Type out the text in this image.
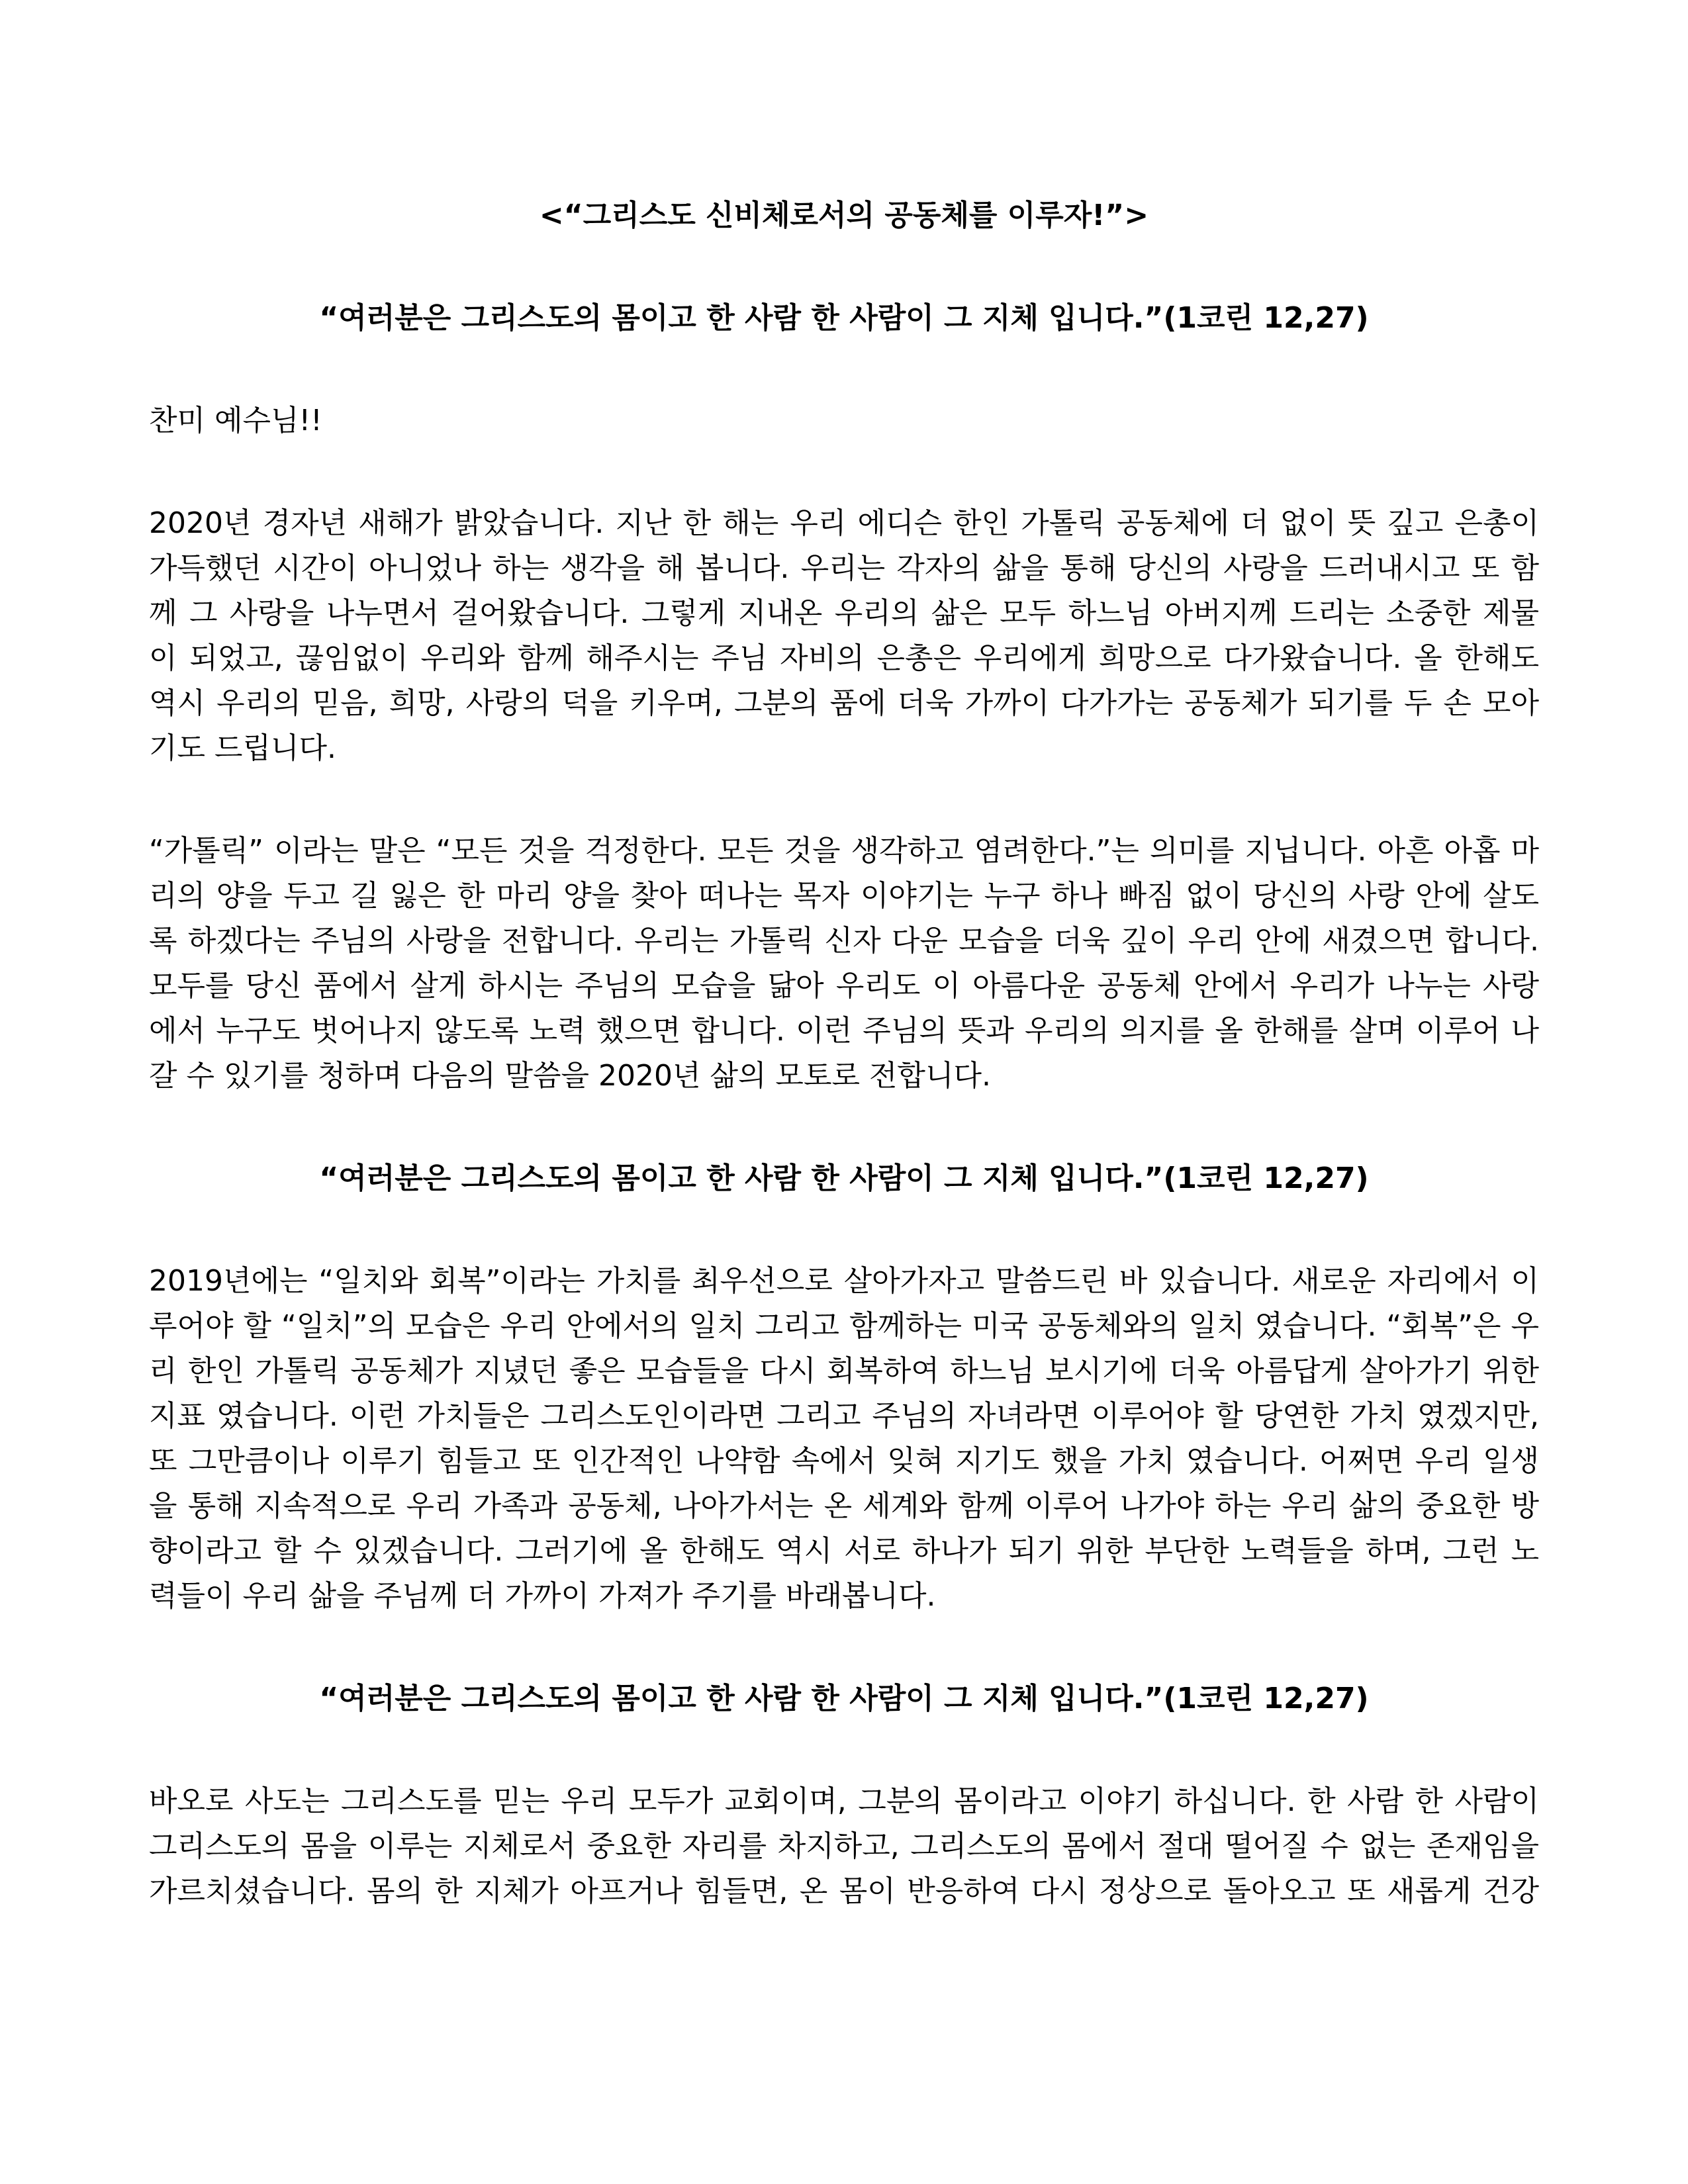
<“그리스도 신비체로서의 공동체를 이루자!”>
“여러분은 그리스도의 몸이고 한 사람 한 사람이 그 지체 입니다.”(1코린 12,27)

찬미 예수님!!

2020년 경자년 새해가 밝았습니다. 지난 한 해는 우리 에디슨 한인 가톨릭 공동체에 더 없이 뜻 깊고 은총이

가득했던 시간이 아니었나 하는 생각을 해 봅니다. 우리는 각자의 삶을 통해 당신의 사랑을 드러내시고 또 함

께 그 사랑을 나누면서 걸어왔습니다. 그렇게 지내온 우리의 삶은 모두 하느님 아버지께 드리는 소중한 제물

이 되었고, 끊임없이 우리와 함께 해주시는 주님 자비의 은총은 우리에게 희망으로 다가왔습니다. 올 한해도

역시 우리의 믿음, 희망, 사랑의 덕을 키우며, 그분의 품에 더욱 가까이 다가가는 공동체가 되기를 두 손 모아

기도 드립니다.

“가톨릭” 이라는 말은 “모든 것을 걱정한다. 모든 것을 생각하고 염려한다.”는 의미를 지닙니다. 아흔 아홉 마

리의 양을 두고 길 잃은 한 마리 양을 찾아 떠나는 목자 이야기는 누구 하나 빠짐 없이 당신의 사랑 안에 살도

록 하겠다는 주님의 사랑을 전합니다. 우리는 가톨릭 신자 다운 모습을 더욱 깊이 우리 안에 새겼으면 합니다.

모두를 당신 품에서 살게 하시는 주님의 모습을 닮아 우리도 이 아름다운 공동체 안에서 우리가 나누는 사랑

에서 누구도 벗어나지 않도록 노력 했으면 합니다. 이런 주님의 뜻과 우리의 의지를 올 한해를 살며 이루어 나

갈 수 있기를 청하며 다음의 말씀을 2020년 삶의 모토로 전합니다.

“여러분은 그리스도의 몸이고 한 사람 한 사람이 그 지체 입니다.”(1코린 12,27)

2019년에는 “일치와 회복”이라는 가치를 최우선으로 살아가자고 말씀드린 바 있습니다. 새로운 자리에서 이

루어야 할 “일치”의 모습은 우리 안에서의 일치 그리고 함께하는 미국 공동체와의 일치 였습니다. “회복”은 우

리 한인 가톨릭 공동체가 지녔던 좋은 모습들을 다시 회복하여 하느님 보시기에 더욱 아름답게 살아가기 위한

지표 였습니다. 이런 가치들은 그리스도인이라면 그리고 주님의 자녀라면 이루어야 할 당연한 가치 였겠지만,

또 그만큼이나 이루기 힘들고 또 인간적인 나약함 속에서 잊혀 지기도 했을 가치 였습니다. 어쩌면 우리 일생

을 통해 지속적으로 우리 가족과 공동체, 나아가서는 온 세계와 함께 이루어 나가야 하는 우리 삶의 중요한 방

향이라고 할 수 있겠습니다. 그러기에 올 한해도 역시 서로 하나가 되기 위한 부단한 노력들을 하며, 그런 노

력들이 우리 삶을 주님께 더 가까이 가져가 주기를 바래봅니다.

“여러분은 그리스도의 몸이고 한 사람 한 사람이 그 지체 입니다.”(1코린 12,27)

바오로 사도는 그리스도를 믿는 우리 모두가 교회이며, 그분의 몸이라고 이야기 하십니다. 한 사람 한 사람이

그리스도의 몸을 이루는 지체로서 중요한 자리를 차지하고, 그리스도의 몸에서 절대 떨어질 수 없는 존재임을

가르치셨습니다. 몸의 한 지체가 아프거나 힘들면, 온 몸이 반응하여 다시 정상으로 돌아오고 또 새롭게 건강
